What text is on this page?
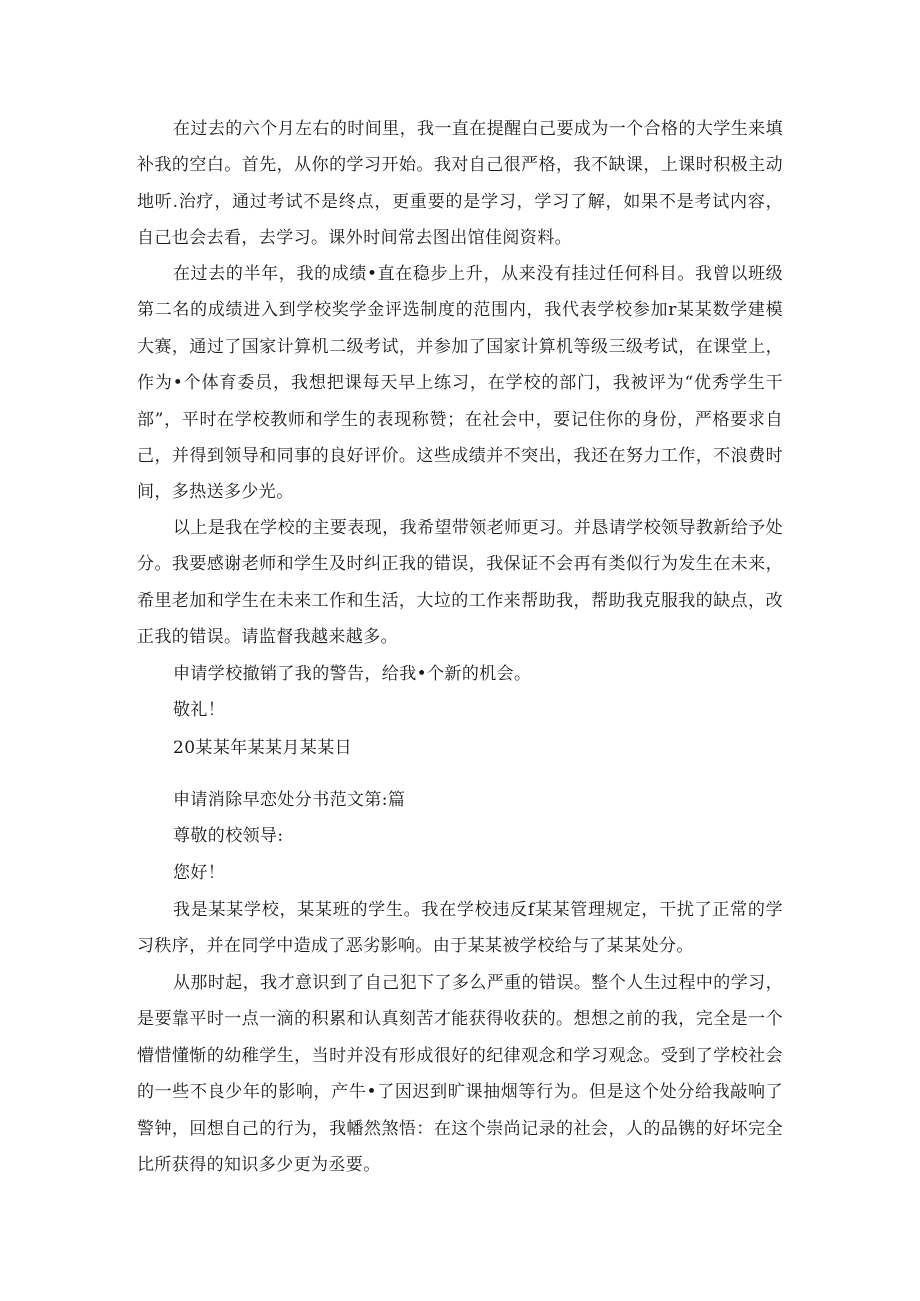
在过去的六个月左右的时间里，我一直在提醒白己要成为一个合格的大学生来填补我的空白。首先，从你的学习开始。我对自己很严格，我不缺课，上课时积极主动地听.治疗，通过考试不是终点，更重要的是学习，学习了解，如果不是考试内容，自己也会去看，去学习。课外时间常去图出馆佳阅资料。

在过去的半年，我的成绩•直在稳步上升，从来没有挂过任何科目。我曾以班级第二名的成绩进入到学校奖学金评选制度的范围内，我代表学校参加r某某数学建模大赛，通过了国家计算机二级考试，并参加了国家计算机等级三级考试，在课堂上，作为•个体育委员，我想把课每天早上练习，在学校的部门，我被评为“优秀学生干部”，平时在学校教师和学生的表现称赞；在社会中，要记住你的身份，严格要求自己，并得到领导和同事的良好评价。这些成绩并不突出，我还在努力工作，不浪费时间，多热送多少光。

以上是我在学校的主要表现，我希望带领老师更习。并恳请学校领导教新给予处分。我要感谢老师和学生及时纠正我的错误，我保证不会再有类似行为发生在未来，希里老加和学生在未来工作和生活，大垃的工作来帮助我，帮助我克服我的缺点，改正我的错误。请监督我越来越多。

申请学校撤销了我的警告，给我•个新的机会。

敬礼！

20某某年某某月某某日

申请消除早恋处分书范文第:篇

尊敬的校领导:

您好！

我是某某学校，某某班的学生。我在学校违反f某某管理规定，干扰了正常的学习秩序，并在同学中造成了恶劣影响。由于某某被学校给与了某某处分。

从那时起，我才意识到了自己犯下了多么严重的错误。整个人生过程中的学习，是要靠平时一点一滴的积累和认真刻苦才能获得收获的。想想之前的我，完全是一个懵惜懂惭的幼稚学生，当时并没有形成很好的纪律观念和学习观念。受到了学校社会的一些不良少年的影响，产牛•了因迟到旷课抽烟等行为。但是这个处分给我敲响了警钟，回想自己的行为，我幡然煞悟：在这个崇尚记录的社会，人的品镌的好坏完全比所获得的知识多少更为丞要。
